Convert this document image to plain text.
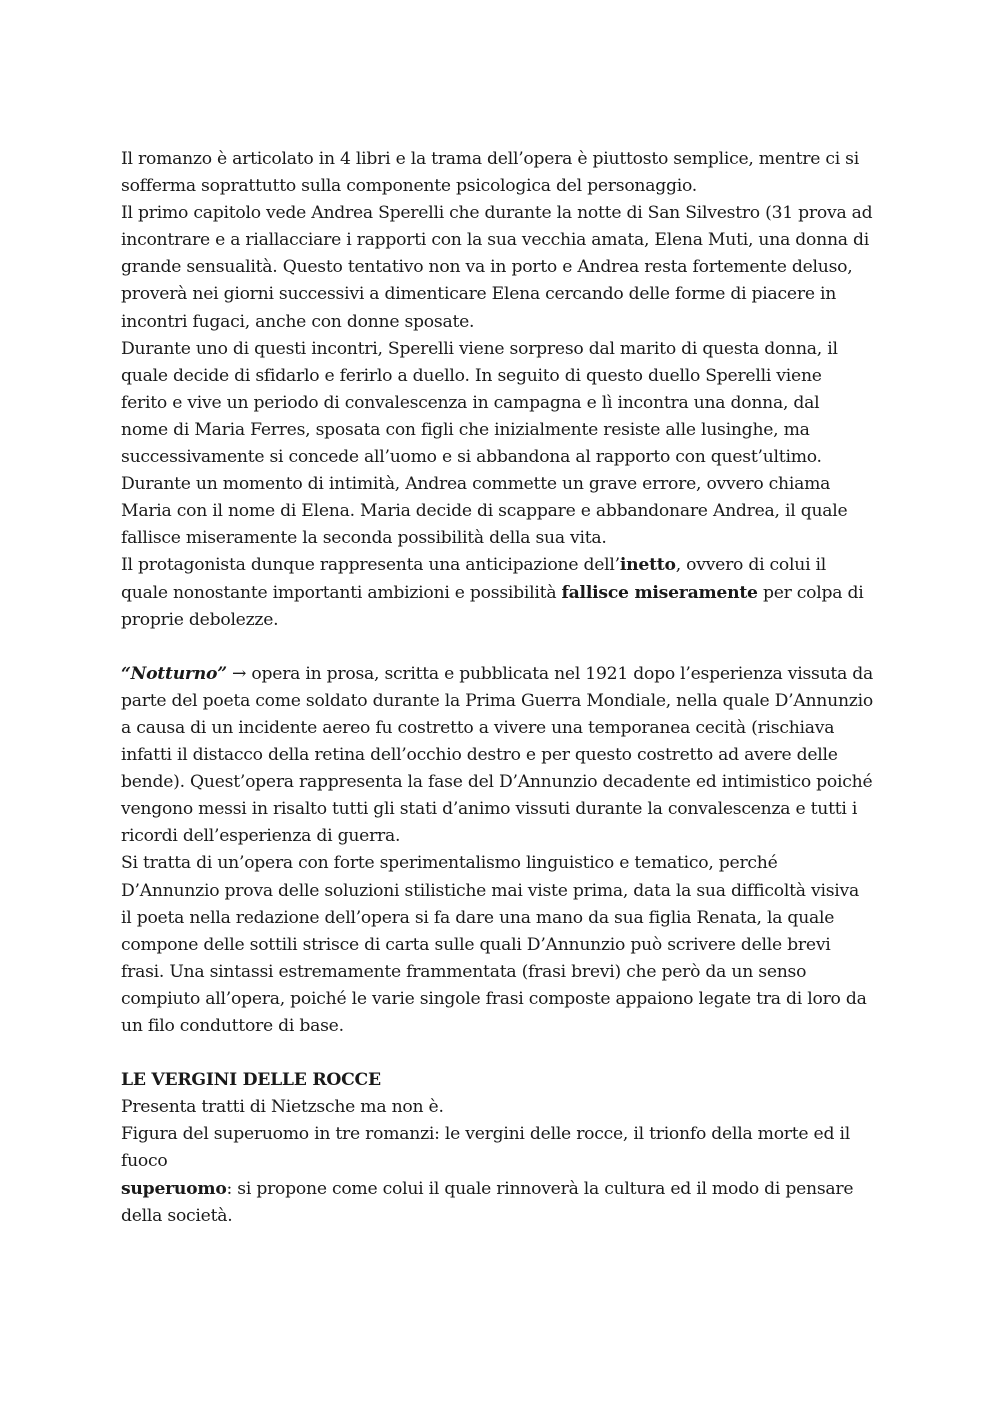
Il romanzo è articolato in 4 libri e la trama dell’opera è piuttosto semplice, mentre ci si
sofferma soprattutto sulla componente psicologica del personaggio.
Il primo capitolo vede Andrea Sperelli che durante la notte di San Silvestro (31 prova ad
incontrare e a riallacciare i rapporti con la sua vecchia amata, Elena Muti, una donna di
grande sensualità. Questo tentativo non va in porto e Andrea resta fortemente deluso,
proverà nei giorni successivi a dimenticare Elena cercando delle forme di piacere in
incontri fugaci, anche con donne sposate.
Durante uno di questi incontri, Sperelli viene sorpreso dal marito di questa donna, il
quale decide di sfidarlo e ferirlo a duello. In seguito di questo duello Sperelli viene
ferito e vive un periodo di convalescenza in campagna e lì incontra una donna, dal
nome di Maria Ferres, sposata con figli che inizialmente resiste alle lusinghe, ma
successivamente si concede all’uomo e si abbandona al rapporto con quest’ultimo.
Durante un momento di intimità, Andrea commette un grave errore, ovvero chiama
Maria con il nome di Elena. Maria decide di scappare e abbandonare Andrea, il quale
fallisce miseramente la seconda possibilità della sua vita.
Il protagonista dunque rappresenta una anticipazione dell’inetto, ovvero di colui il
quale nonostante importanti ambizioni e possibilità fallisce miseramente per colpa di
proprie debolezze.
“Notturno” → opera in prosa, scritta e pubblicata nel 1921 dopo l’esperienza vissuta da
parte del poeta come soldato durante la Prima Guerra Mondiale, nella quale D’Annunzio
a causa di un incidente aereo fu costretto a vivere una temporanea cecità (rischiava
infatti il distacco della retina dell’occhio destro e per questo costretto ad avere delle
bende). Quest’opera rappresenta la fase del D’Annunzio decadente ed intimistico poiché
vengono messi in risalto tutti gli stati d’animo vissuti durante la convalescenza e tutti i
ricordi dell’esperienza di guerra.
Si tratta di un’opera con forte sperimentalismo linguistico e tematico, perché
D’Annunzio prova delle soluzioni stilistiche mai viste prima, data la sua difficoltà visiva
il poeta nella redazione dell’opera si fa dare una mano da sua figlia Renata, la quale
compone delle sottili strisce di carta sulle quali D’Annunzio può scrivere delle brevi
frasi. Una sintassi estremamente frammentata (frasi brevi) che però da un senso
compiuto all’opera, poiché le varie singole frasi composte appaiono legate tra di loro da
un filo conduttore di base.
LE VERGINI DELLE ROCCE
Presenta tratti di Nietzsche ma non è.
Figura del superuomo in tre romanzi: le vergini delle rocce, il trionfo della morte ed il
fuoco
superuomo: si propone come colui il quale rinnoverà la cultura ed il modo di pensare
della società.
